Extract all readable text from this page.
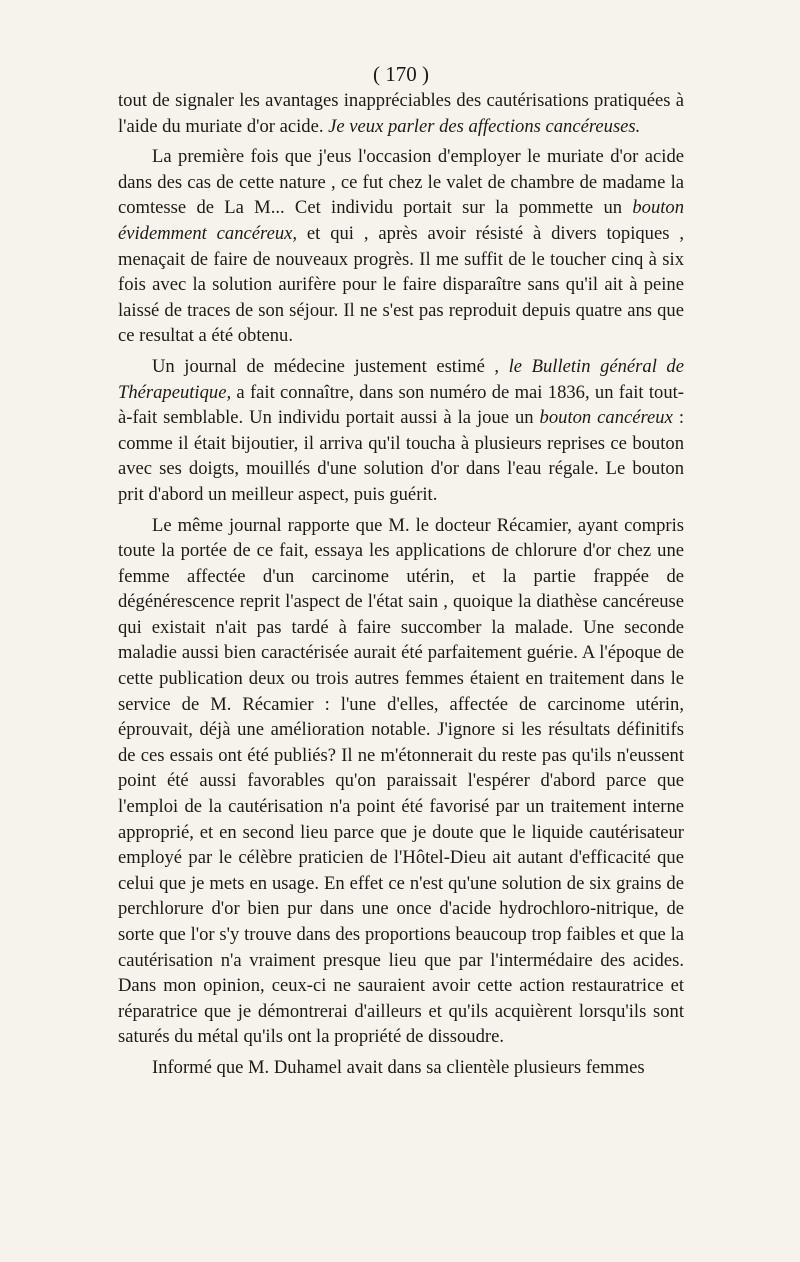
( 170 )

tout de signaler les avantages inappréciables des cautérisations pratiquées à l'aide du muriate d'or acide. Je veux parler des affections cancéreuses.

La première fois que j'eus l'occasion d'employer le muriate d'or acide dans des cas de cette nature , ce fut chez le valet de chambre de madame la comtesse de La M... Cet individu portait sur la pommette un bouton évidemment cancéreux, et qui , après avoir résisté à divers topiques , menaçait de faire de nouveaux progrès. Il me suffit de le toucher cinq à six fois avec la solution aurifère pour le faire disparaître sans qu'il ait à peine laissé de traces de son séjour. Il ne s'est pas reproduit depuis quatre ans que ce resultat a été obtenu.

Un journal de médecine justement estimé , le Bulletin général de Thérapeutique, a fait connaître, dans son numéro de mai 1836, un fait tout-à-fait semblable. Un individu portait aussi à la joue un bouton cancéreux : comme il était bijoutier, il arriva qu'il toucha à plusieurs reprises ce bouton avec ses doigts, mouillés d'une solution d'or dans l'eau régale. Le bouton prit d'abord un meilleur aspect, puis guérit.

Le même journal rapporte que M. le docteur Récamier, ayant compris toute la portée de ce fait, essaya les applications de chlorure d'or chez une femme affectée d'un carcinome utérin, et la partie frappée de dégénérescence reprit l'aspect de l'état sain , quoique la diathèse cancéreuse qui existait n'ait pas tardé à faire succomber la malade. Une seconde maladie aussi bien caractérisée aurait été parfaitement guérie. A l'époque de cette publication deux ou trois autres femmes étaient en traitement dans le service de M. Récamier : l'une d'elles, affectée de carcinome utérin, éprouvait, déjà une amélioration notable. J'ignore si les résultats définitifs de ces essais ont été publiés? Il ne m'étonnerait du reste pas qu'ils n'eussent point été aussi favorables qu'on paraissait l'espérer d'abord parce que l'emploi de la cautérisation n'a point été favorisé par un traitement interne approprié, et en second lieu parce que je doute que le liquide cautérisateur employé par le célèbre praticien de l'Hôtel-Dieu ait autant d'efficacité que celui que je mets en usage. En effet ce n'est qu'une solution de six grains de perchlorure d'or bien pur dans une once d'acide hydrochloro-nitrique, de sorte que l'or s'y trouve dans des proportions beaucoup trop faibles et que la cautérisation n'a vraiment presque lieu que par l'intermédaire des acides. Dans mon opinion, ceux-ci ne sauraient avoir cette action restauratrice et réparatrice que je démontrerai d'ailleurs et qu'ils acquièrent lorsqu'ils sont saturés du métal qu'ils ont la propriété de dissoudre.

Informé que M. Duhamel avait dans sa clientèle plusieurs femmes
